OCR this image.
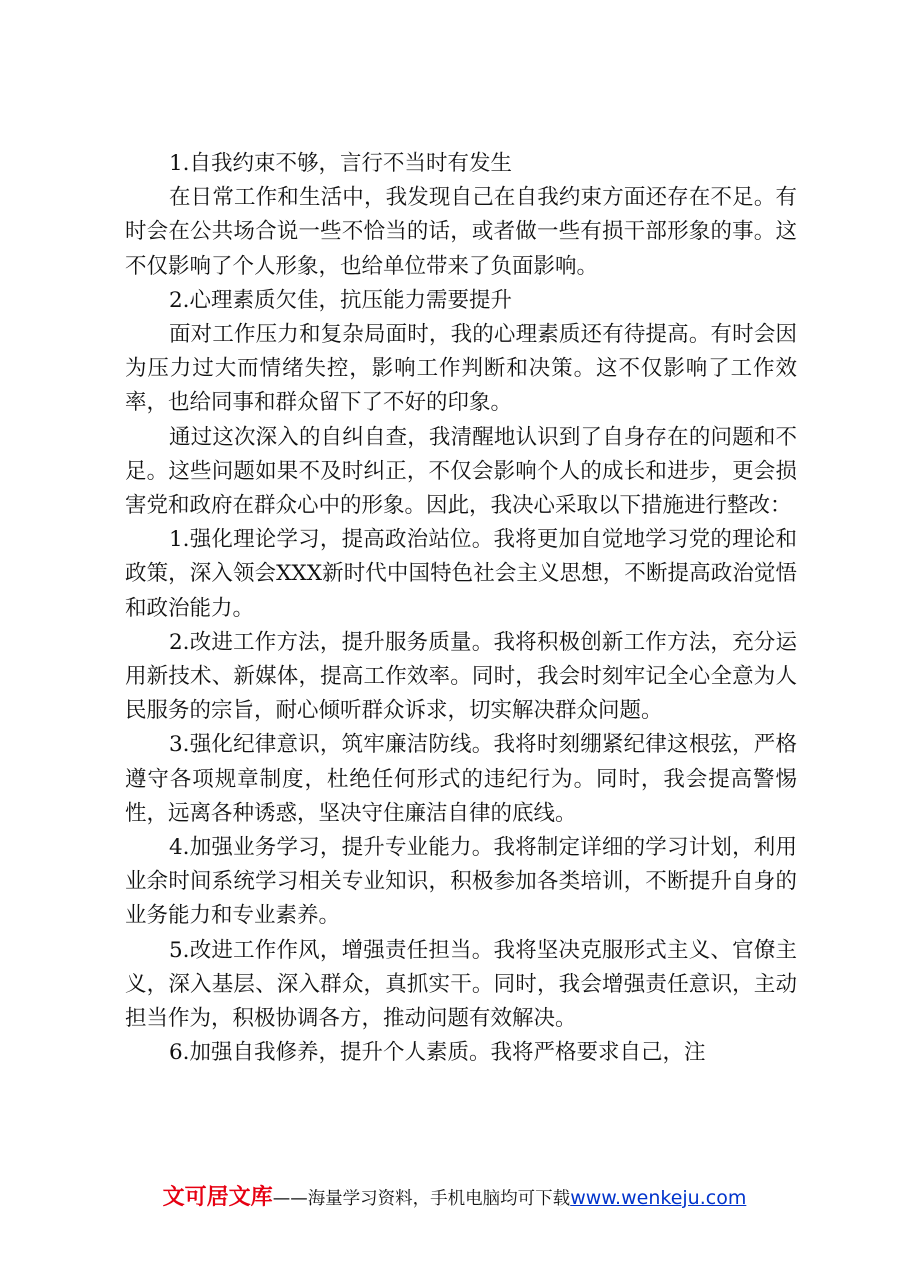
1.自我约束不够，言行不当时有发生

在日常工作和生活中，我发现自己在自我约束方面还存在不足。有时会在公共场合说一些不恰当的话，或者做一些有损干部形象的事。这不仅影响了个人形象，也给单位带来了负面影响。

2.心理素质欠佳，抗压能力需要提升

面对工作压力和复杂局面时，我的心理素质还有待提高。有时会因为压力过大而情绪失控，影响工作判断和决策。这不仅影响了工作效率，也给同事和群众留下了不好的印象。

通过这次深入的自纠自查，我清醒地认识到了自身存在的问题和不足。这些问题如果不及时纠正，不仅会影响个人的成长和进步，更会损害党和政府在群众心中的形象。因此，我决心采取以下措施进行整改：

1.强化理论学习，提高政治站位。我将更加自觉地学习党的理论和政策，深入领会XXX新时代中国特色社会主义思想，不断提高政治觉悟和政治能力。

2.改进工作方法，提升服务质量。我将积极创新工作方法，充分运用新技术、新媒体，提高工作效率。同时，我会时刻牢记全心全意为人民服务的宗旨，耐心倾听群众诉求，切实解决群众问题。

3.强化纪律意识，筑牢廉洁防线。我将时刻绷紧纪律这根弦，严格遵守各项规章制度，杜绝任何形式的违纪行为。同时，我会提高警惕性，远离各种诱惑，坚决守住廉洁自律的底线。

4.加强业务学习，提升专业能力。我将制定详细的学习计划，利用业余时间系统学习相关专业知识，积极参加各类培训，不断提升自身的业务能力和专业素养。

5.改进工作作风，增强责任担当。我将坚决克服形式主义、官僚主义，深入基层、深入群众，真抓实干。同时，我会增强责任意识，主动担当作为，积极协调各方，推动问题有效解决。

6.加强自我修养，提升个人素质。我将严格要求自己，注

文可居文库——海量学习资料，手机电脑均可下载www.wenkeju.com
